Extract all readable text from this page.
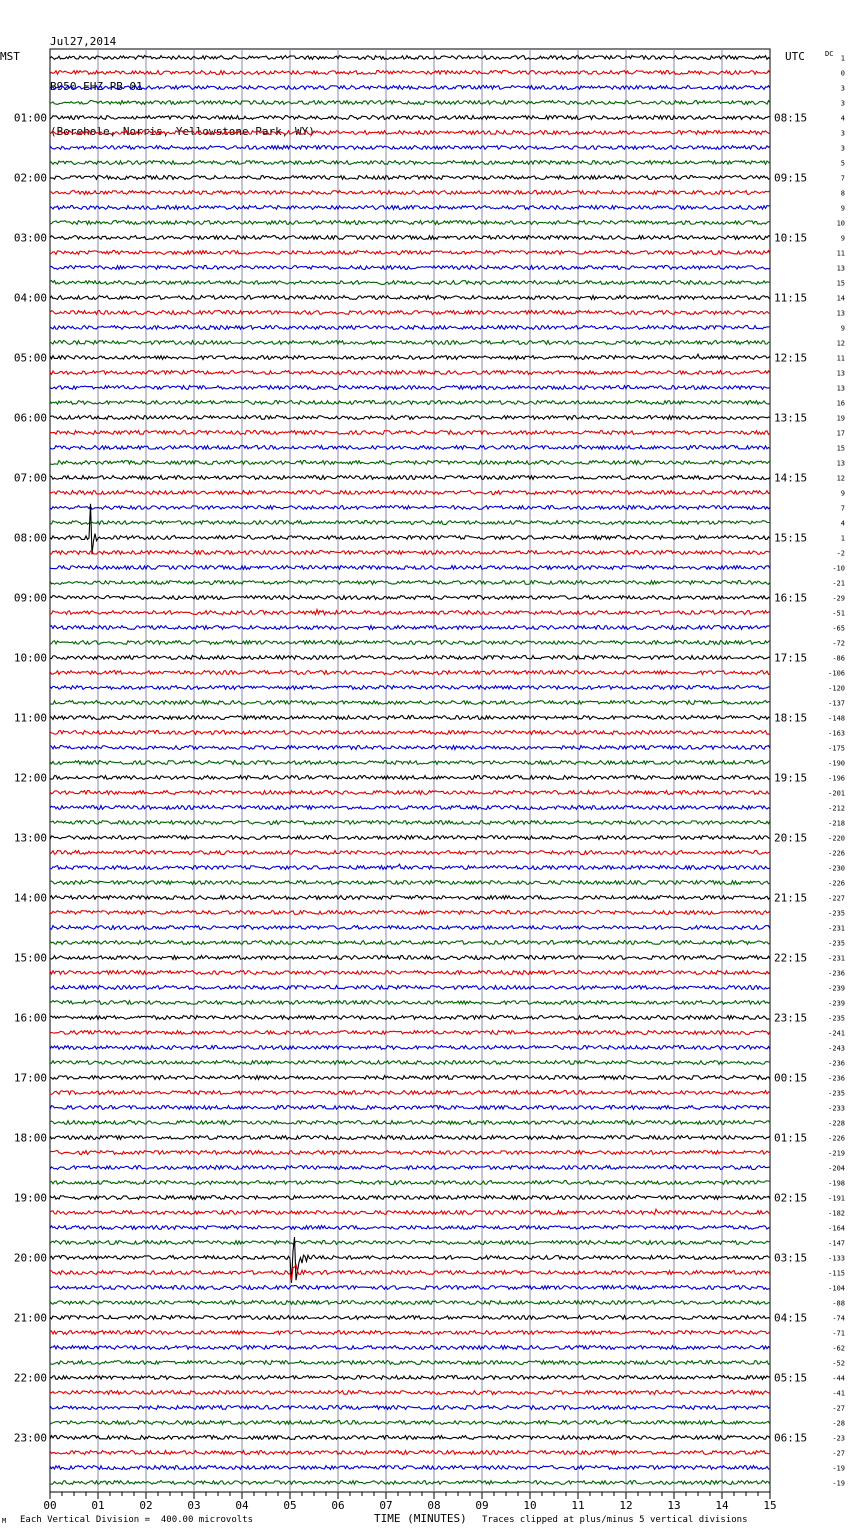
Jul27,2014

B950 EHZ PB 01

(Borehole, Norris, Yellowstone Park, WY)

1
0
3
3
4
01:00	08:15
3
3
5
7
02:00	09:15
8
9
10
9
03:00	10:15
11
13
15
14
04:00	11:15
13
9
12
11
05:00	12:15
13
13
16
19
06:00	13:15
17
15
13
12
07:00	14:15
9
7
4
1
08:00	15:15
-2
-10
-21
-29
09:00	16:15
-51
-65
-72
-86
10:00	17:15
-106
-120
-137
-148
11:00	18:15
-163
-175
-190
-196
12:00	19:15
-201
-212
-218
-220
13:00	20:15
-226
-230
-226
-227
14:00	21:15
-235
-231
-235
-231
15:00	22:15
-236
-239
-239
-235
16:00	23:15
-241
-243
-236
-236
17:00	00:15
-235
-233
-228
-226
18:00	01:15
-219
-204
-198
-191
19:00	02:15
-182
-164
-147
-133
20:00	03:15
-115
-104
-88
-74
21:00	04:15
-71
-62
-52
-44
22:00	05:15
-41
-27
-28
-23
23:00	06:15
-27
-19
-19
MST	UTC	DC
00	01	02	03	04	05	06	07	08	09	10	11	12	13	14	15
M Each Vertical Division =  400.00 microvolts	TIME (MINUTES) Traces clipped at plus/minus 5 vertical divisions
